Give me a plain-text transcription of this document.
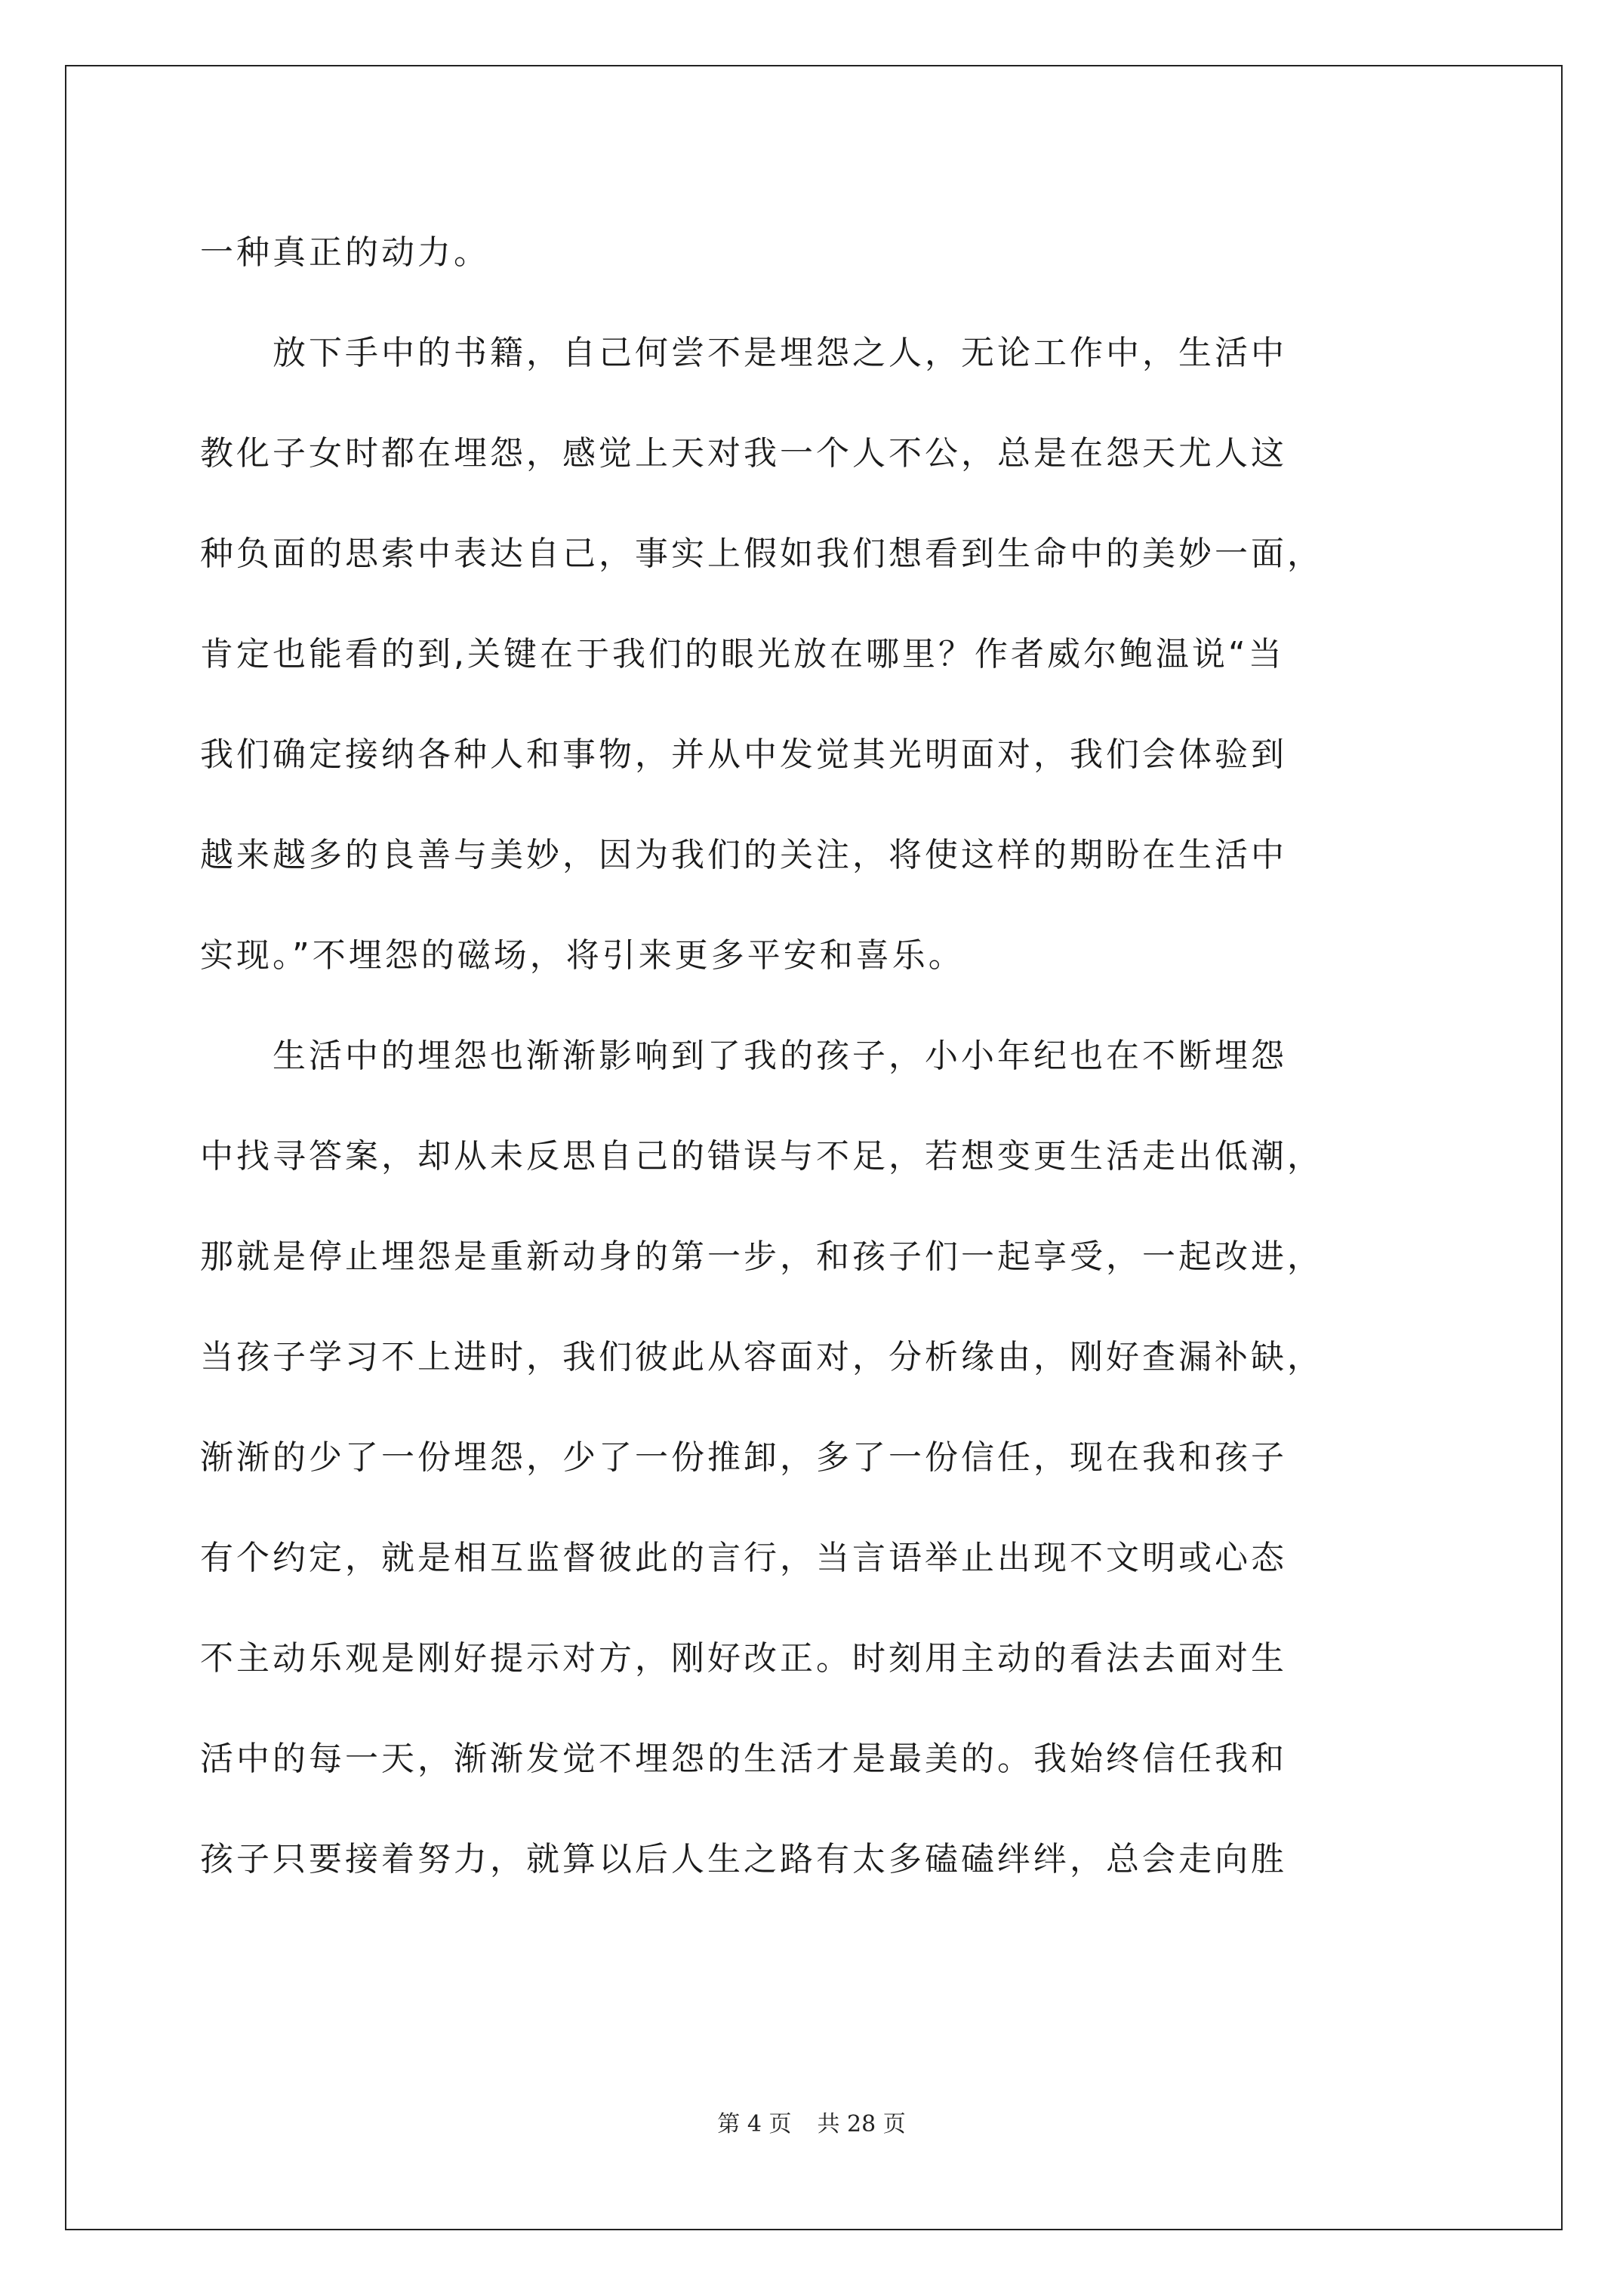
一种真正的动力。
　　放下手中的书籍，自己何尝不是埋怨之人，无论工作中，生活中
教化子女时都在埋怨，感觉上天对我一个人不公，总是在怨天尤人这
种负面的思索中表达自己，事实上假如我们想看到生命中的美妙一面，
肯定也能看的到,关键在于我们的眼光放在哪里？作者威尔鲍温说“当
我们确定接纳各种人和事物，并从中发觉其光明面对，我们会体验到
越来越多的良善与美妙，因为我们的关注，将使这样的期盼在生活中
实现。”不埋怨的磁场，将引来更多平安和喜乐。
　　生活中的埋怨也渐渐影响到了我的孩子，小小年纪也在不断埋怨
中找寻答案，却从未反思自己的错误与不足，若想变更生活走出低潮，
那就是停止埋怨是重新动身的第一步，和孩子们一起享受，一起改进，
当孩子学习不上进时，我们彼此从容面对，分析缘由，刚好查漏补缺，
渐渐的少了一份埋怨，少了一份推卸，多了一份信任，现在我和孩子
有个约定，就是相互监督彼此的言行，当言语举止出现不文明或心态
不主动乐观是刚好提示对方，刚好改正。时刻用主动的看法去面对生
活中的每一天，渐渐发觉不埋怨的生活才是最美的。我始终信任我和
孩子只要接着努力，就算以后人生之路有太多磕磕绊绊，总会走向胜
第 4 页 共 28 页
